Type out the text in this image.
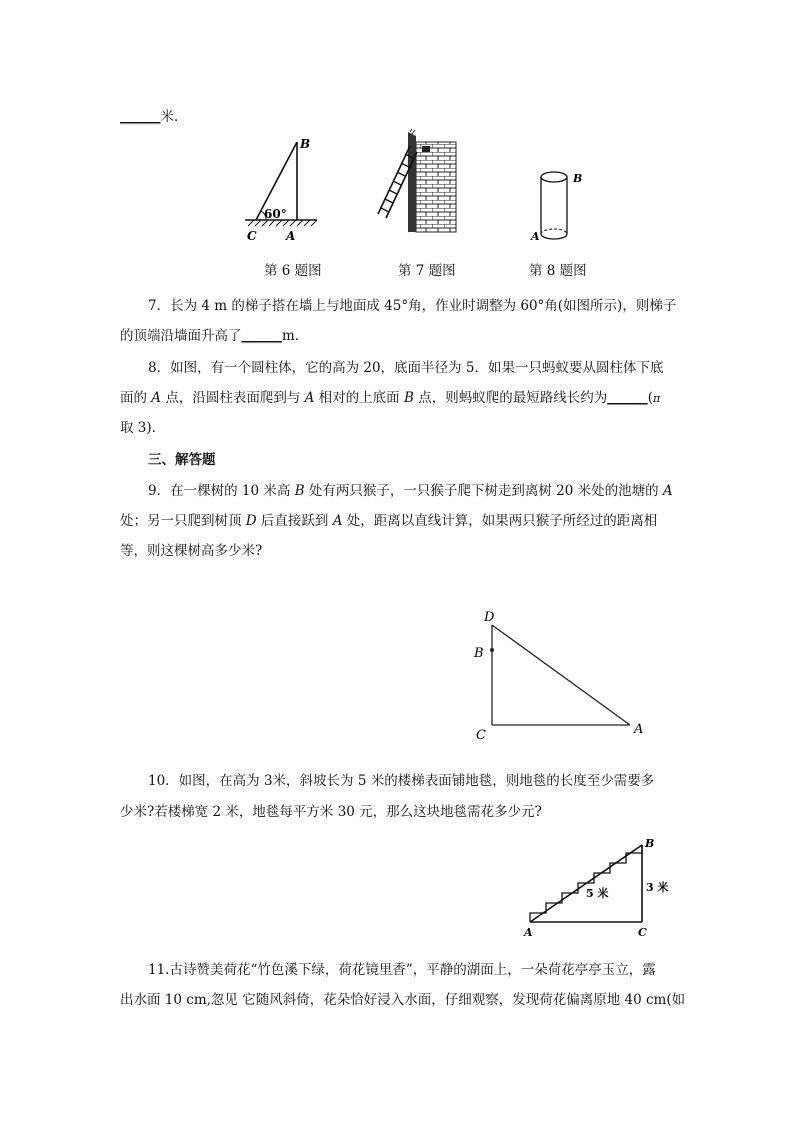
______米．
B
60°
C A
B
A
第 6 题图	第 7 题图	第 8 题图
7．长为 4 m 的梯子搭在墙上与地面成 45°角，作业时调整为 60°角(如图所示)，则梯子
的顶端沿墙面升高了______m．
8．如图，有一个圆柱体，它的高为 20，底面半径为 5．如果一只蚂蚁要从圆柱体下底
面的 A 点，沿圆柱表面爬到与 A 相对的上底面 B 点，则蚂蚁爬的最短路线长约为______(π
取 3).
三、解答题
9．在一棵树的 10 米高 B 处有两只猴子，一只猴子爬下树走到离树 20 米处的池塘的 A
处；另一只爬到树顶 D 后直接跃到 A 处，距离以直线计算，如果两只猴子所经过的距离相
等，则这棵树高多少米?
D
B
C	A
10．如图，在高为 3米，斜坡长为 5 米的楼梯表面铺地毯，则地毯的长度至少需要多
少米?若楼梯宽 2 米，地毯每平方米 30 元，那么这块地毯需花多少元?
B
A	C
5 米	3 米
11.古诗赞美荷花“竹色溪下绿，荷花镜里香”，平静的湖面上，一朵荷花亭亭玉立，露
出水面 10 cm,忽见 它随风斜倚，花朵恰好浸入水面，仔细观察，发现荷花偏离原地 40 cm(如
